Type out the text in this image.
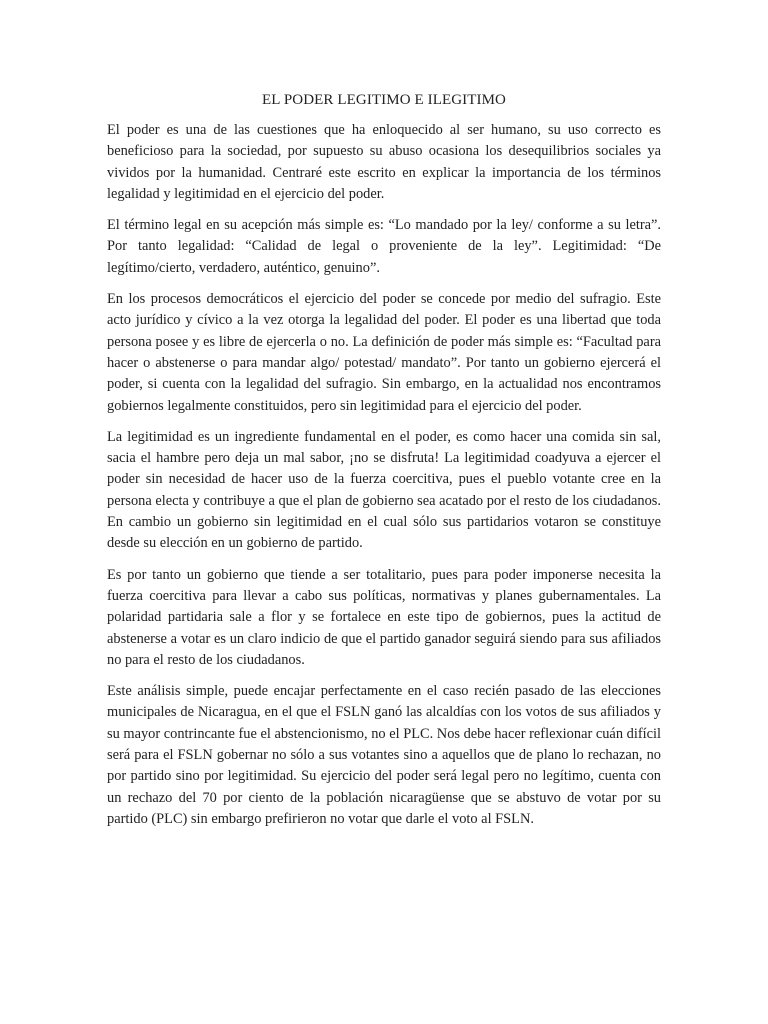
EL PODER LEGITIMO E ILEGITIMO

El poder es una de las cuestiones que ha enloquecido al ser humano, su uso correcto es beneficioso para la sociedad, por supuesto su abuso ocasiona los desequilibrios sociales ya vividos por la humanidad. Centraré este escrito en explicar la importancia de los términos legalidad y legitimidad en el ejercicio del poder.

El término legal en su acepción más simple es: “Lo mandado por la ley/ conforme a su letra”. Por tanto legalidad: “Calidad de legal o proveniente de la ley”. Legitimidad: “De legítimo/cierto, verdadero, auténtico, genuino”.

En los procesos democráticos el ejercicio del poder se concede por medio del sufragio. Este acto jurídico y cívico a la vez otorga la legalidad del poder. El poder es una libertad que toda persona posee y es libre de ejercerla o no. La definición de poder más simple es: “Facultad para hacer o abstenerse o para mandar algo/ potestad/ mandato”. Por tanto un gobierno ejercerá el poder, si cuenta con la legalidad del sufragio. Sin embargo, en la actualidad nos encontramos gobiernos legalmente constituidos, pero sin legitimidad para el ejercicio del poder.

La legitimidad es un ingrediente fundamental en el poder, es como hacer una comida sin sal, sacia el hambre pero deja un mal sabor, ¡no se disfruta! La legitimidad coadyuva a ejercer el poder sin necesidad de hacer uso de la fuerza coercitiva, pues el pueblo votante cree en la persona electa y contribuye a que el plan de gobierno sea acatado por el resto de los ciudadanos. En cambio un gobierno sin legitimidad en el cual sólo sus partidarios votaron se constituye desde su elección en un gobierno de partido.

Es por tanto un gobierno que tiende a ser totalitario, pues para poder imponerse necesita la fuerza coercitiva para llevar a cabo sus políticas, normativas y planes gubernamentales. La polaridad partidaria sale a flor y se fortalece en este tipo de gobiernos, pues la actitud de abstenerse a votar es un claro indicio de que el partido ganador seguirá siendo para sus afiliados no para el resto de los ciudadanos.

Este análisis simple, puede encajar perfectamente en el caso recién pasado de las elecciones municipales de Nicaragua, en el que el FSLN ganó las alcaldías con los votos de sus afiliados y su mayor contrincante fue el abstencionismo, no el PLC. Nos debe hacer reflexionar cuán difícil será para el FSLN gobernar no sólo a sus votantes sino a aquellos que de plano lo rechazan, no por partido sino por legitimidad. Su ejercicio del poder será legal pero no legítimo, cuenta con un rechazo del 70 por ciento de la población nicaragüense que se abstuvo de votar por su partido (PLC) sin embargo prefirieron no votar que darle el voto al FSLN.
